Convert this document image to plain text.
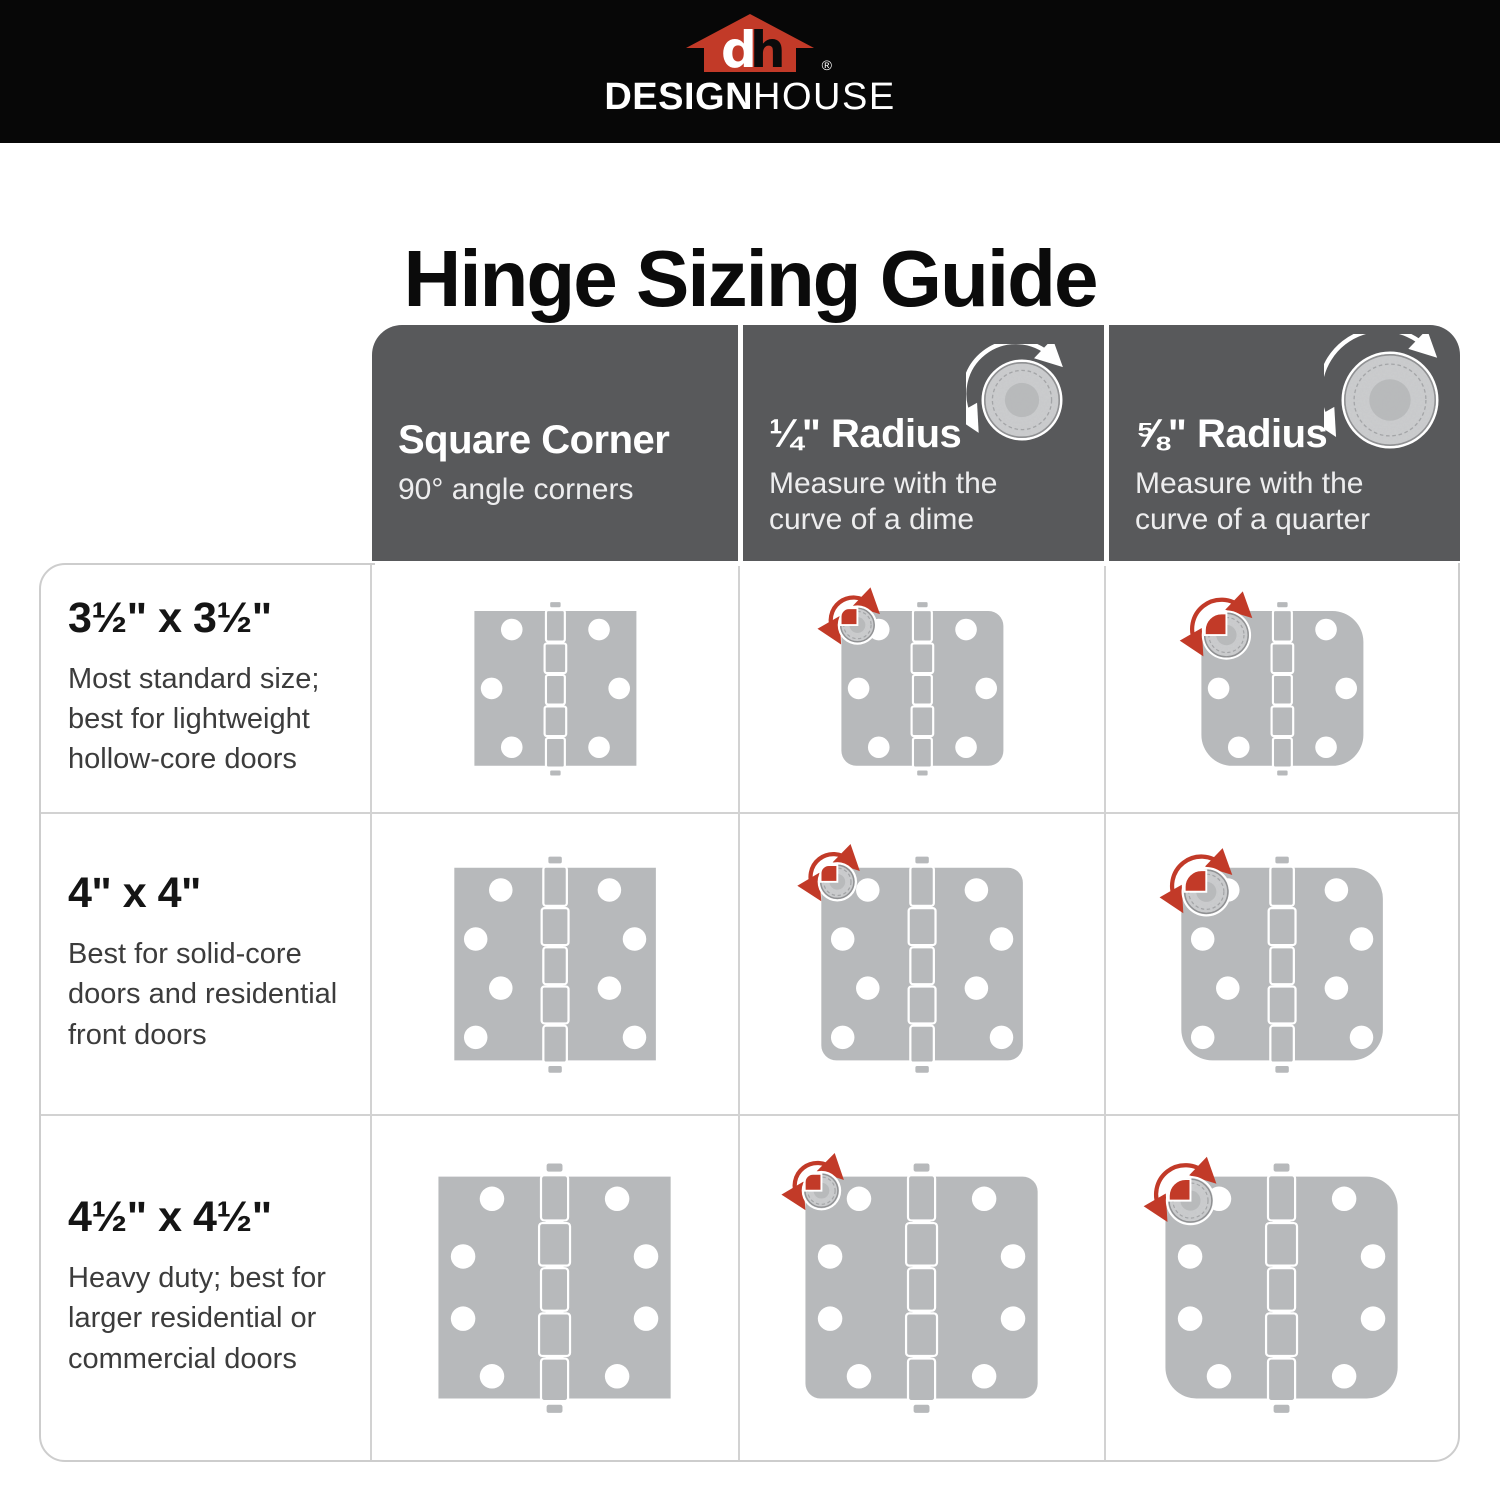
d
h	®
DESIGNHOUSE
Hinge Sizing Guide
Square Corner
90° angle corners
¼" Radius
Measure with the curve of a dime
⅝" Radius
Measure with the curve of a quarter
3½" x 3½"
Most standard size; best for lightweight hollow-core doors
4" x 4"
Best for solid-core doors and residential front doors
4½" x 4½"
Heavy duty; best for larger residential or commercial doors
